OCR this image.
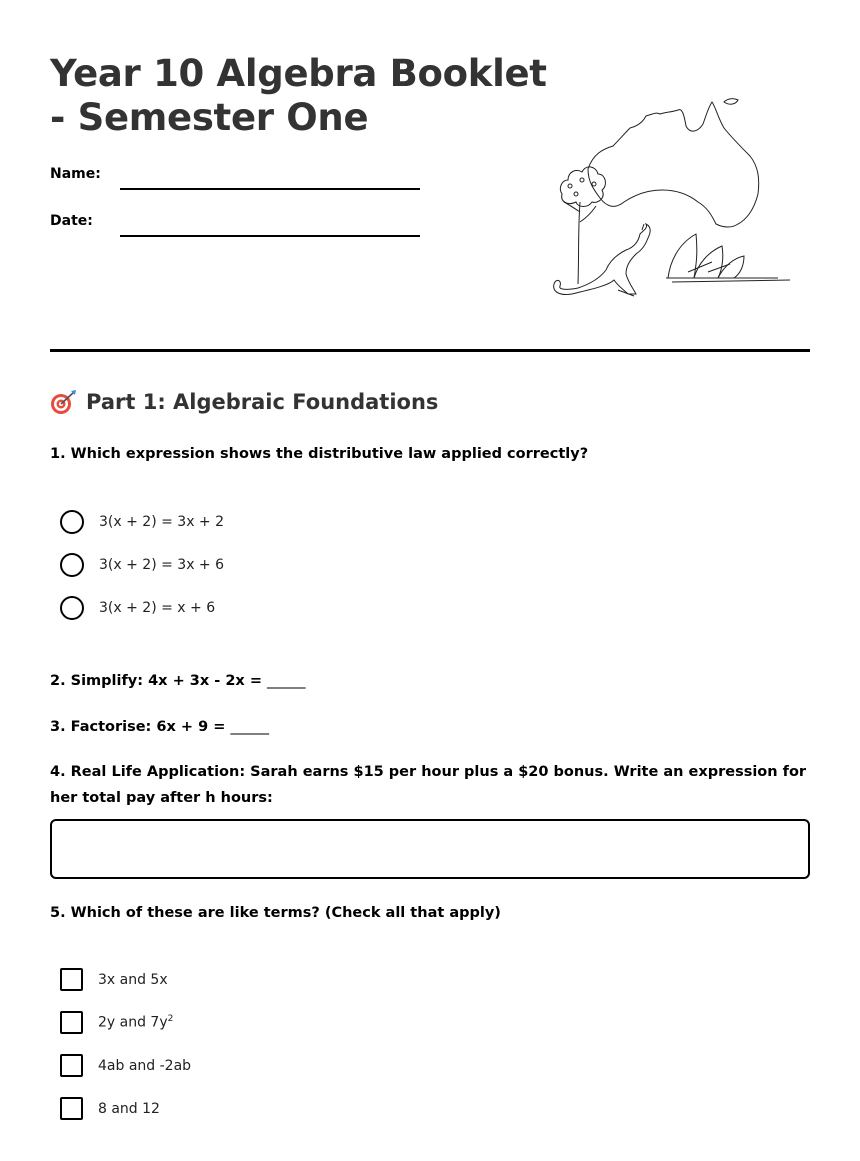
Year 10 Algebra Booklet
- Semester One
Name:
Date:
Part 1: Algebraic Foundations
1. Which expression shows the distributive law applied correctly?
3(x + 2) = 3x + 2
3(x + 2) = 3x + 6
3(x + 2) = x + 6
2. Simplify: 4x + 3x - 2x = ______
3. Factorise: 6x + 9 = ______
4. Real Life Application: Sarah earns $15 per hour plus a $20 bonus. Write an expression for her total pay after h hours:
5. Which of these are like terms? (Check all that apply)
3x and 5x
2y and $7y^2$
4ab and -2ab
8 and 12
